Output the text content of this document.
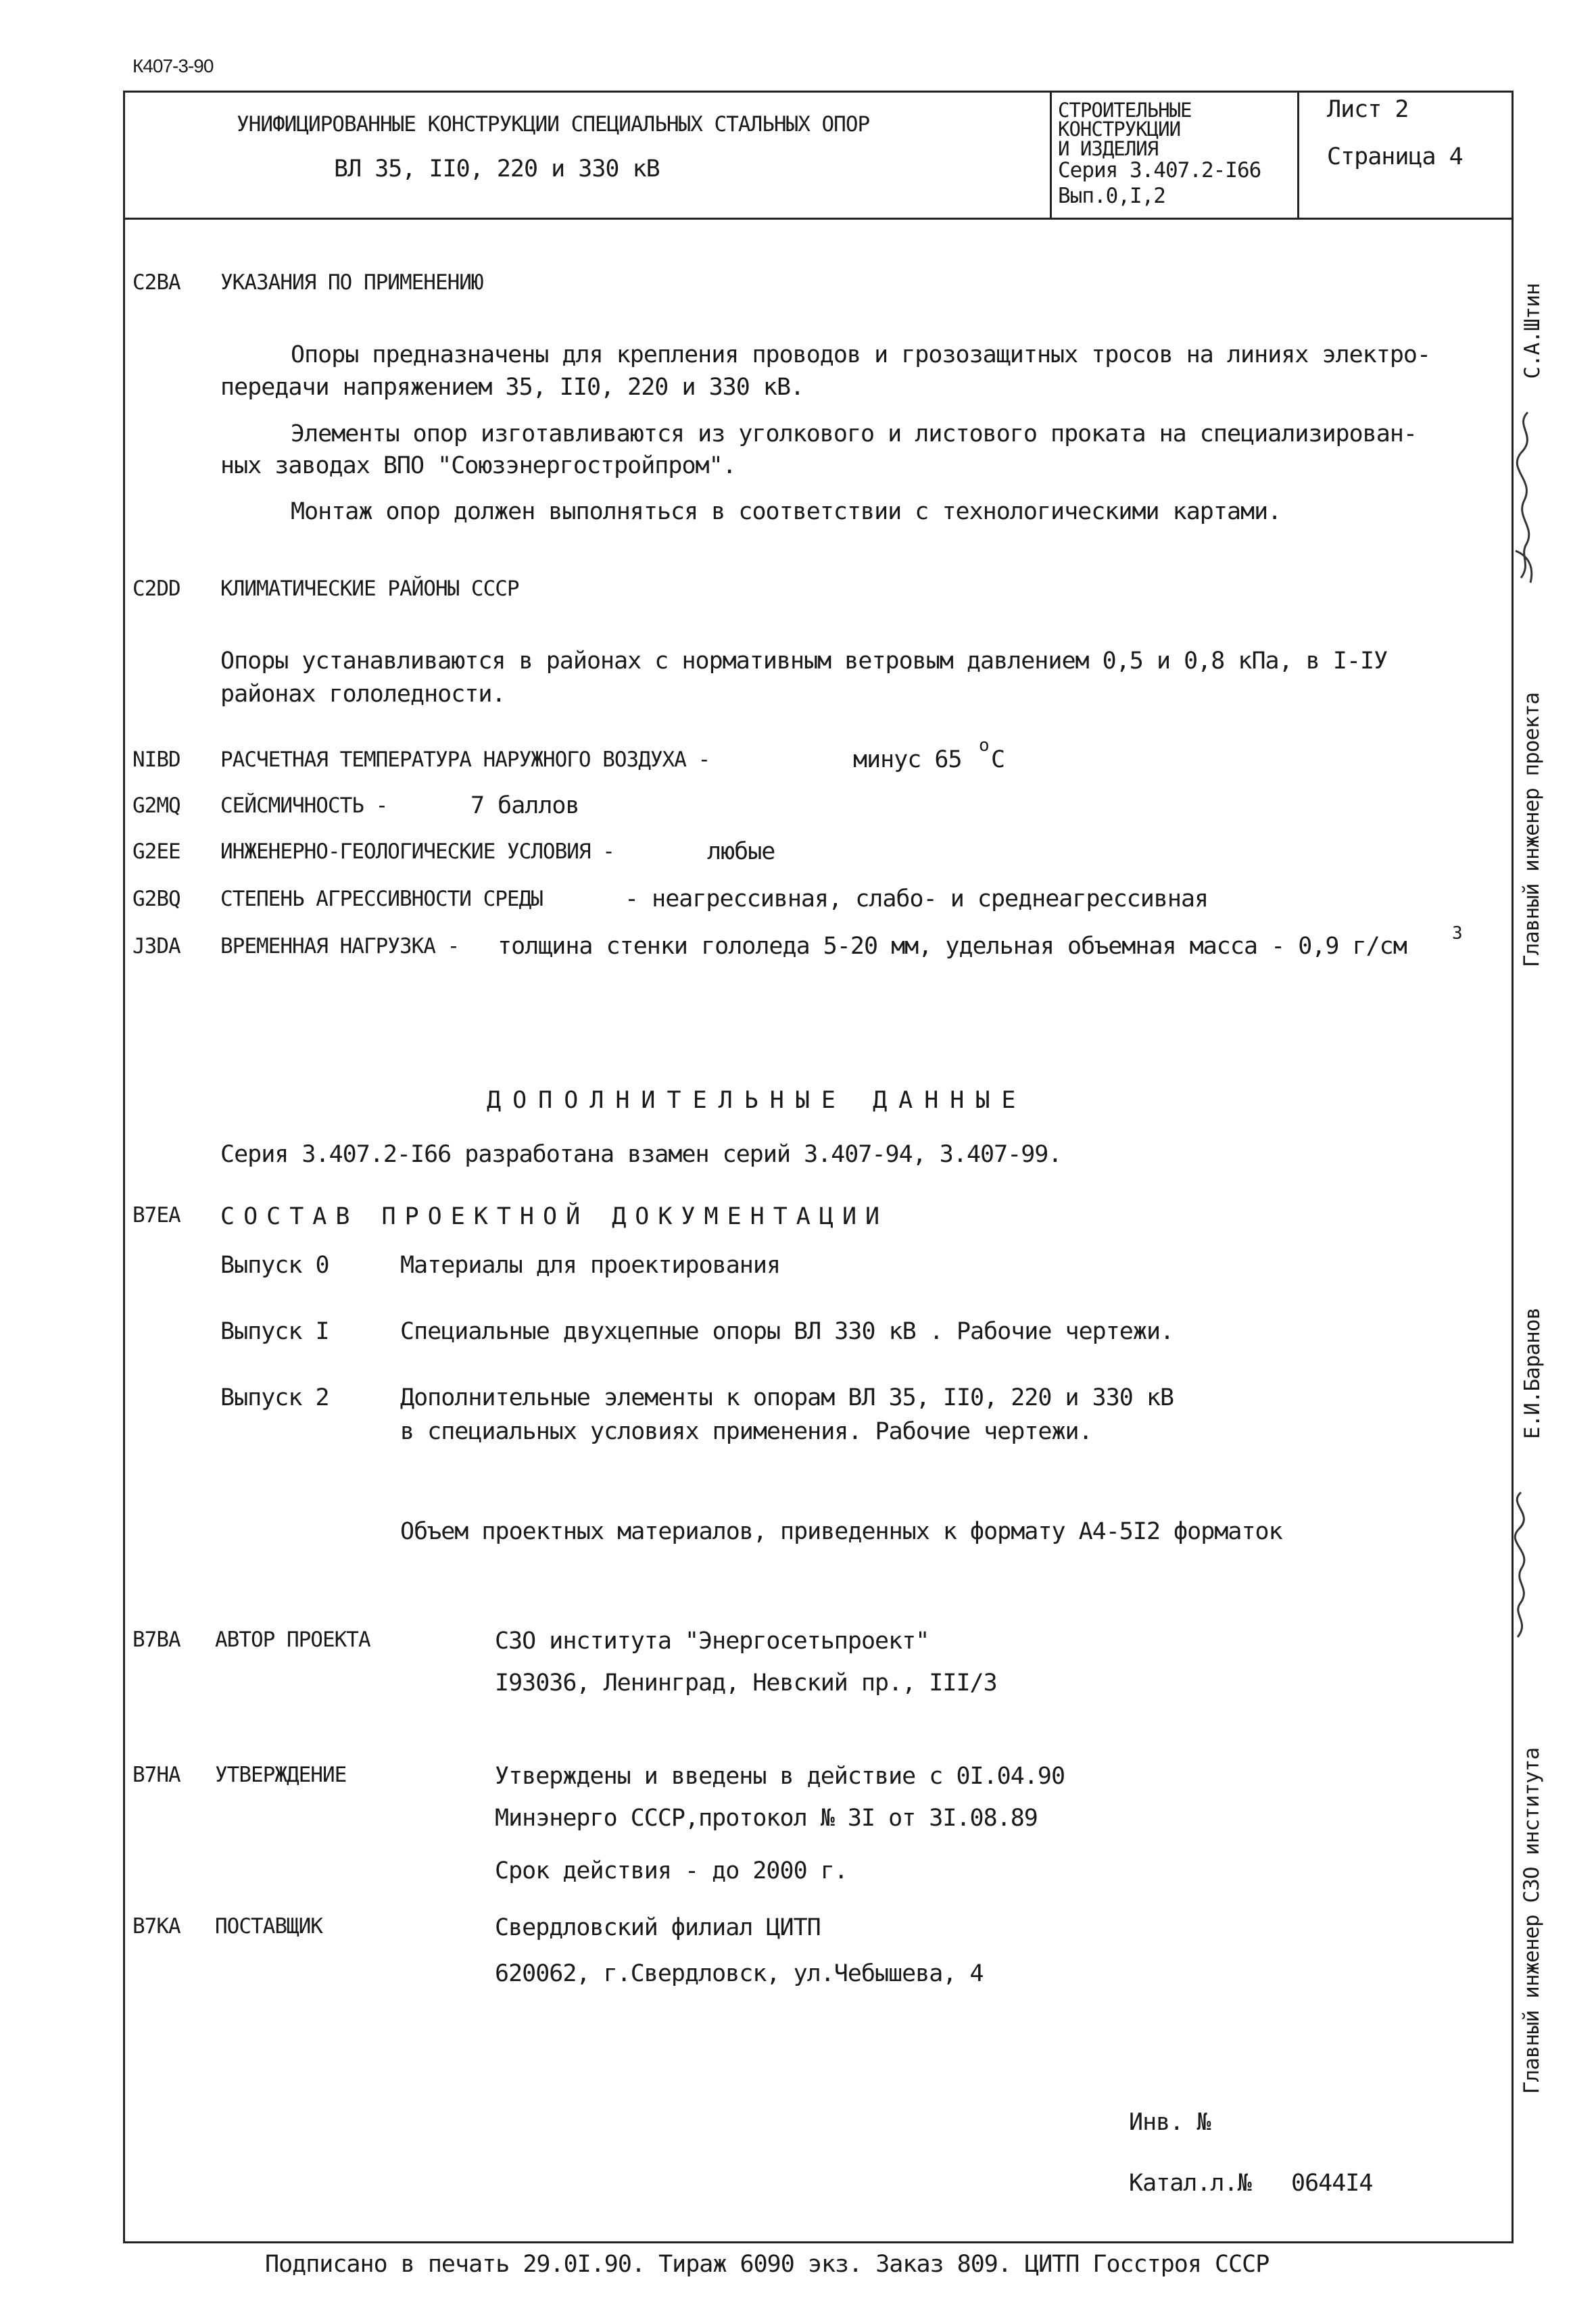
К407-3-90
УНИФИЦИРОВАННЫЕ КОНСТРУКЦИИ СПЕЦИАЛЬНЫХ СТАЛЬНЫХ ОПОР
ВЛ 35, II0, 220 и 330 кВ
СТРОИТЕЛЬНЫЕ
КОНСТРУКЦИИ
И ИЗДЕЛИЯ
Серия 3.407.2-I66
Вып.0,I,2
Лист 2
Страница 4
C2BA УКАЗАНИЯ ПО ПРИМЕНЕНИЮ
Опоры предназначены для крепления проводов и грозозащитных тросов на линиях электро-
передачи напряжением 35, II0, 220 и 330 кВ.
Элементы опор изготавливаются из уголкового и листового проката на специализирован-
ных заводах ВПО "Союзэнергостройпром".
Монтаж опор должен выполняться в соответствии с технологическими картами.
C2DD КЛИМАТИЧЕСКИЕ РАЙОНЫ СССР
Опоры устанавливаются в районах с нормативным ветровым давлением 0,5 и 0,8 кПа, в I-IУ
районах гололедности.
NIBD РАСЧЕТНАЯ ТЕМПЕРАТУРА НАРУЖНОГО ВОЗДУХА -	минус 65
o
С
G2MQ СЕЙСМИЧНОСТЬ -	7 баллов
G2EE ИНЖЕНЕРНО-ГЕОЛОГИЧЕСКИЕ УСЛОВИЯ -	любые
G2BQ СТЕПЕНЬ АГРЕССИВНОСТИ СРЕДЫ	- неагрессивная, слабо- и среднеагрессивная
J3DA ВРЕМЕННАЯ НАГРУЗКА - толщина стенки гололеда 5-20 мм, удельная объемная масса - 0,9 г/см	3
ДОПОЛНИТЕЛЬНЫЕ ДАННЫЕ
Серия 3.407.2-I66 разработана взамен серий 3.407-94, 3.407-99.
B7EA СОСТАВ ПРОЕКТНОЙ ДОКУМЕНТАЦИИ
Выпуск 0	Материалы для проектирования
Выпуск I	Специальные двухцепные опоры ВЛ 330 кВ . Рабочие чертежи.
Выпуск 2	Дополнительные элементы к опорам ВЛ 35, II0, 220 и 330 кВ
в специальных условиях применения. Рабочие чертежи.
Объем проектных материалов, приведенных к формату А4-5I2 форматок
B7BA АВТОР ПРОЕКТА	СЗО института "Энергосетьпроект"
I93036, Ленинград, Невский пр., III/3
B7HA УТВЕРЖДЕНИЕ	Утверждены и введены в действие с 0I.04.90
Минэнерго СССР,протокол № 3I от 3I.08.89
Срок действия - до 2000 г.
B7KA ПОСТАВЩИК	Свердловский филиал ЦИТП
620062, г.Свердловск, ул.Чебышева, 4
Инв. №
Катал.л.№ 0644I4
Подписано в печать 29.0I.90. Тираж 6090 экз. Заказ 809. ЦИТП Госстроя СССР
С.А.Штин
Главный инженер проекта
Е.И.Баранов
Главный инженер СЗО института
